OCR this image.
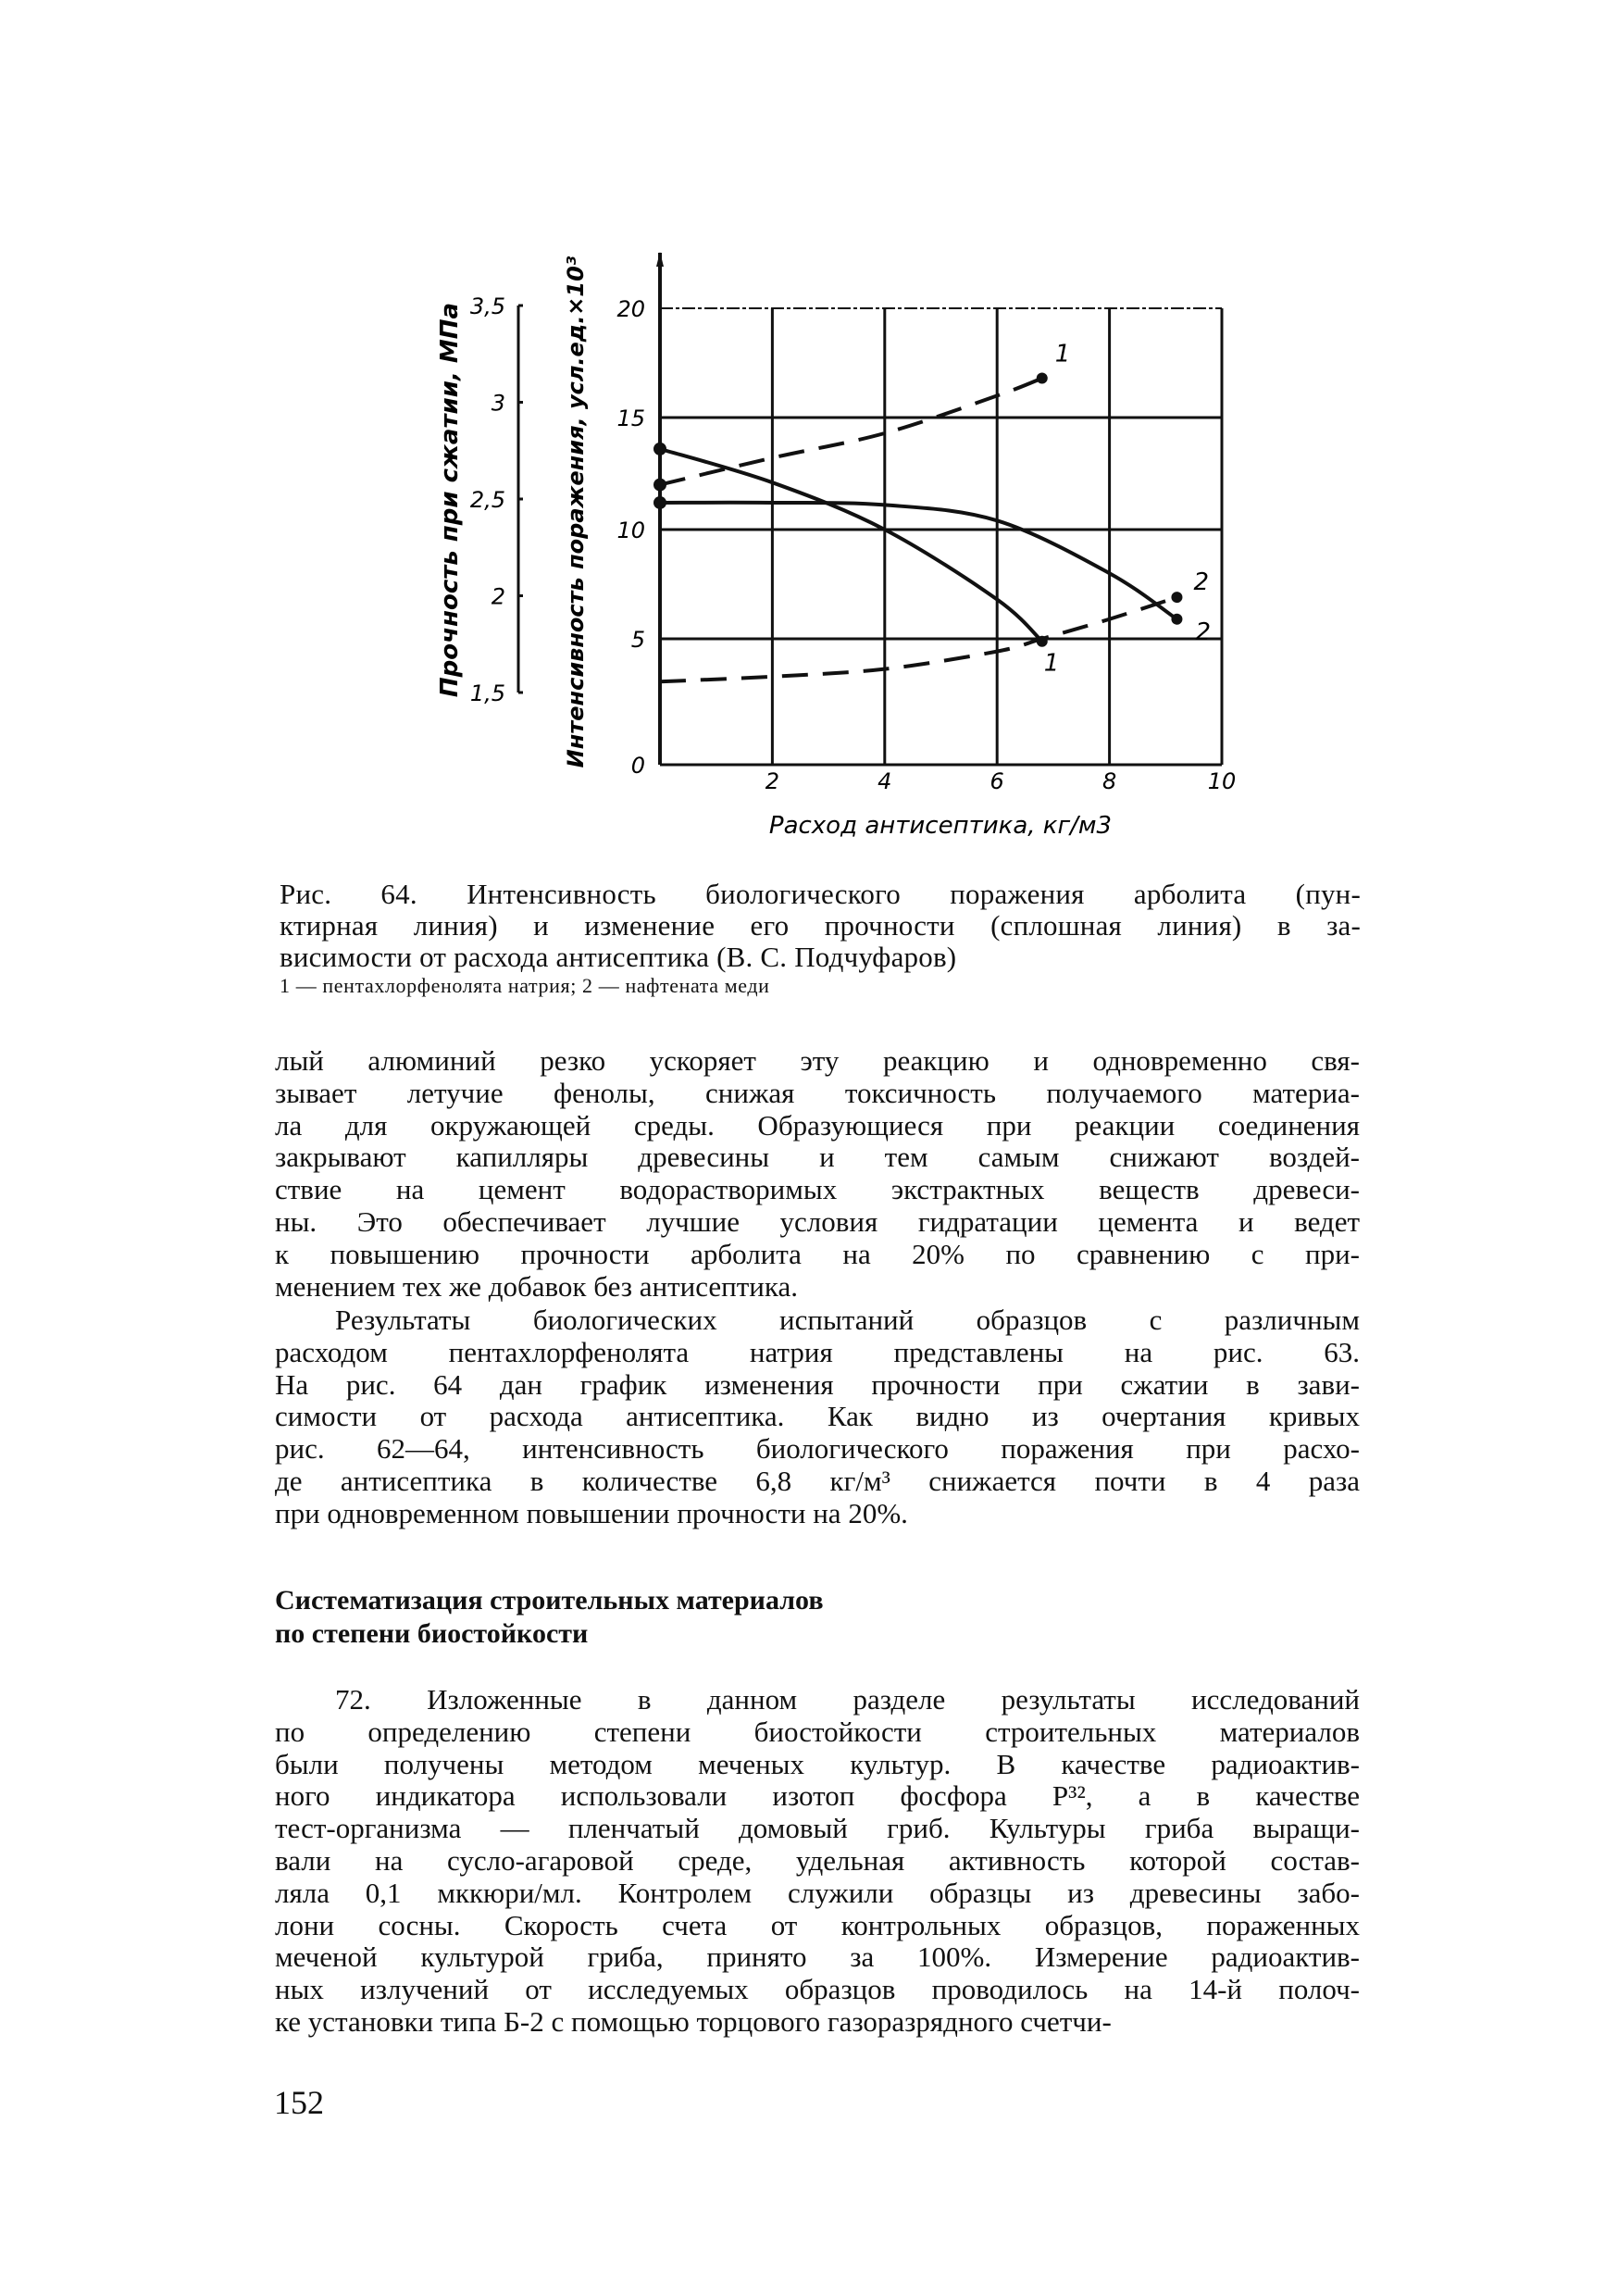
2	4	6	8	10
0
5
10
15
20
1,5
2
2,5
3
3,5
1
2
1
2
Расход антисептика, кг/м3
Интенсивность поражения, усл.ед.×10³
Прочность при сжатии, МПа
Рис. 64. Интенсивность биологического поражения арболита (пун-
ктирная линия) и изменение его прочности (сплошная линия) в за-
висимости от расхода антисептика (В. С. Подчуфаров)
1 — пентахлорфенолята натрия; 2 — нафтената меди
лый алюминий резко ускоряет эту реакцию и одновременно свя-
зывает летучие фенолы, снижая токсичность получаемого материа-
ла для окружающей среды. Образующиеся при реакции соединения
закрывают капилляры древесины и тем самым снижают воздей-
ствие на цемент водорастворимых экстрактных веществ древеси-
ны. Это обеспечивает лучшие условия гидратации цемента и ведет
к повышению прочности арболита на 20% по сравнению с при-
менением тех же добавок без антисептика.
Результаты биологических испытаний образцов с различным
расходом пентахлорфенолята натрия представлены на рис. 63.
На рис. 64 дан график изменения прочности при сжатии в зави-
симости от расхода антисептика. Как видно из очертания кривых
рис. 62—64, интенсивность биологического поражения при расхо-
де антисептика в количестве 6,8 кг/м³ снижается почти в 4 раза
при одновременном повышении прочности на 20%.
Систематизация строительных материалов
по степени биостойкости
72. Изложенные в данном разделе результаты исследований
по определению степени биостойкости строительных материалов
были получены методом меченых культур. В качестве радиоактив-
ного индикатора использовали изотоп фосфора P³², а в качестве
тест-организма — пленчатый домовый гриб. Культуры гриба выращи-
вали на сусло-агаровой среде, удельная активность которой состав-
ляла 0,1 мккюри/мл. Контролем служили образцы из древесины забо-
лони сосны. Скорость счета от контрольных образцов, пораженных
меченой культурой гриба, принято за 100%. Измерение радиоактив-
ных излучений от исследуемых образцов проводилось на 14-й полоч-
ке установки типа Б-2 с помощью торцового газоразрядного счетчи-
152
